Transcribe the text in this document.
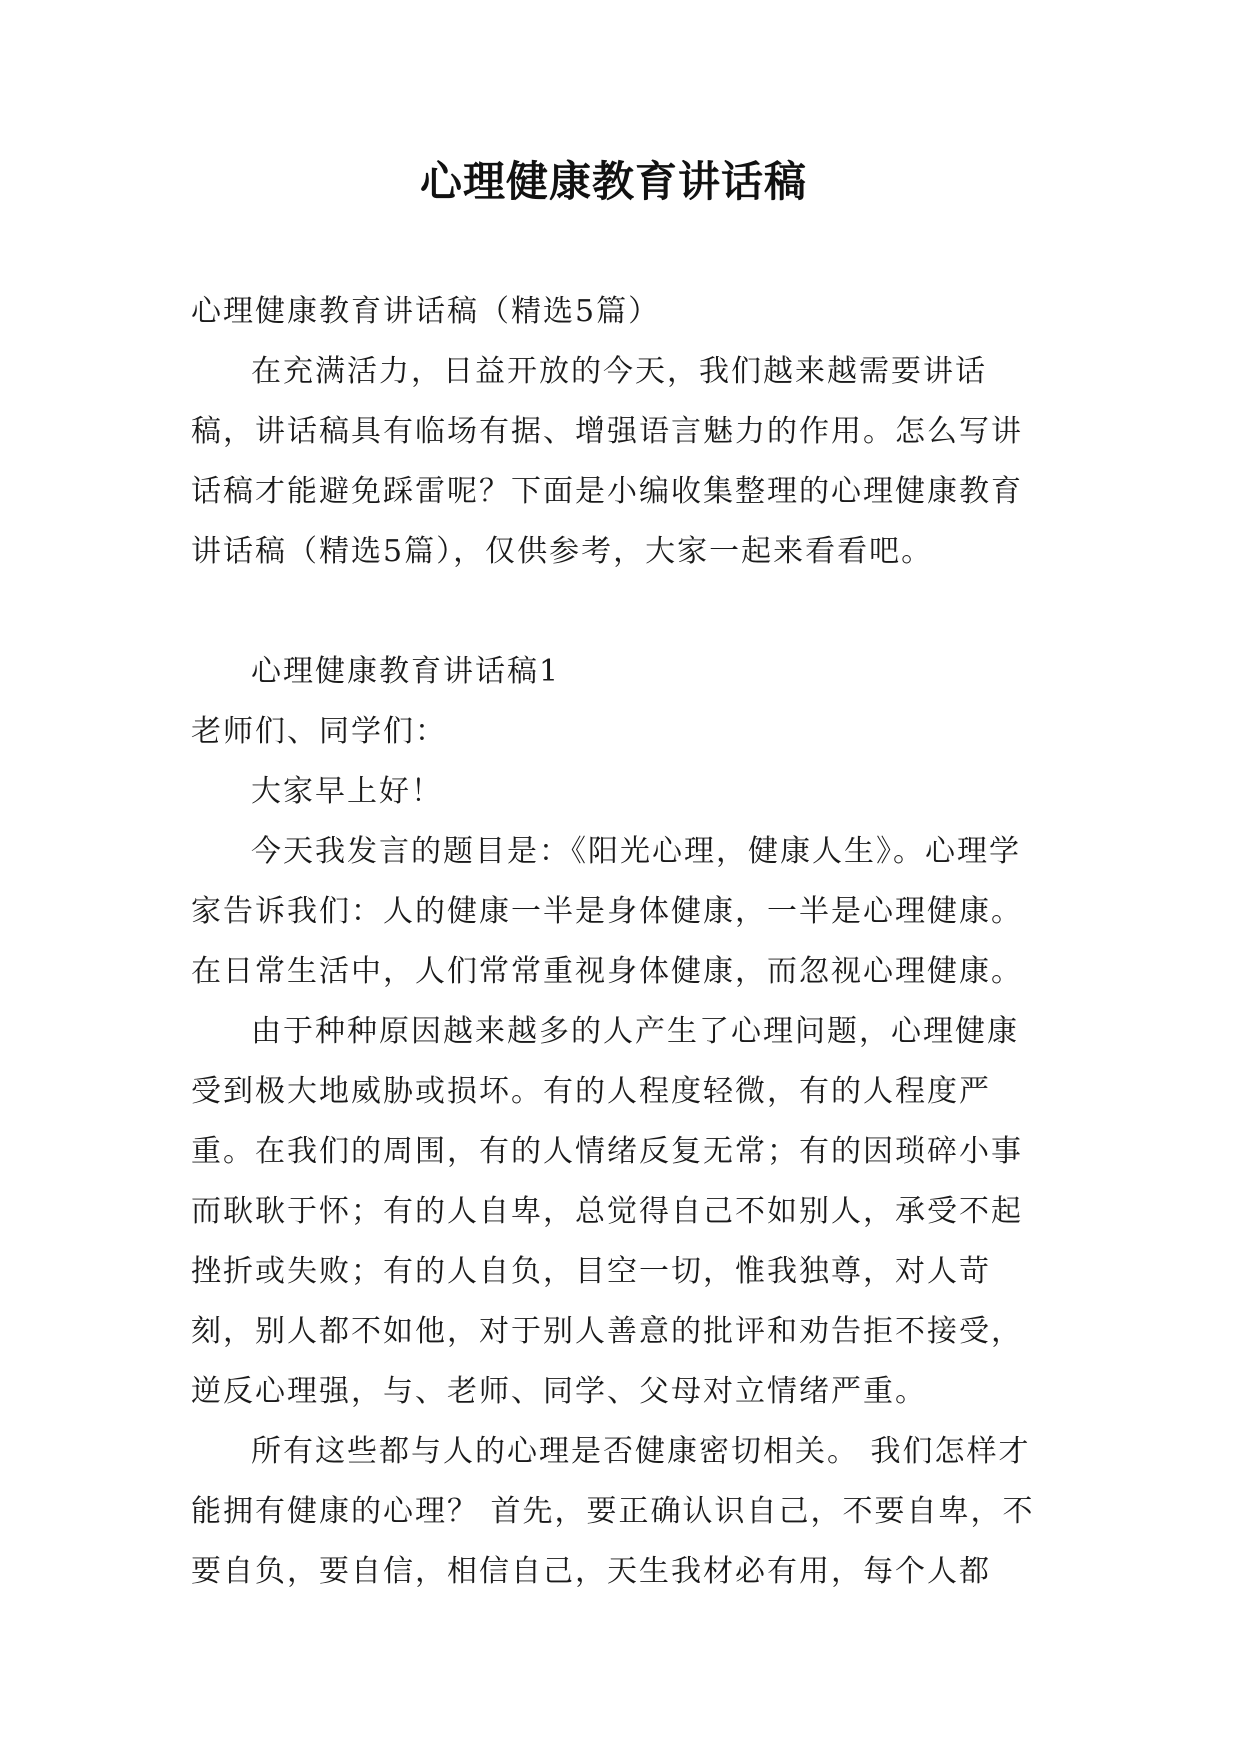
心理健康教育讲话稿

心理健康教育讲话稿（精选5篇）

在充满活力，日益开放的今天，我们越来越需要讲话稿，讲话稿具有临场有据、增强语言魅力的作用。怎么写讲话稿才能避免踩雷呢？下面是小编收集整理的心理健康教育讲话稿（精选5篇），仅供参考，大家一起来看看吧。

心理健康教育讲话稿1

老师们、同学们：

大家早上好！

今天我发言的题目是：《阳光心理，健康人生》。心理学家告诉我们：人的健康一半是身体健康，一半是心理健康。在日常生活中，人们常常重视身体健康，而忽视心理健康。

由于种种原因越来越多的人产生了心理问题，心理健康受到极大地威胁或损坏。有的人程度轻微，有的人程度严重。在我们的周围，有的人情绪反复无常；有的因琐碎小事而耿耿于怀；有的人自卑，总觉得自己不如别人，承受不起挫折或失败；有的人自负，目空一切，惟我独尊，对人苛刻，别人都不如他，对于别人善意的批评和劝告拒不接受，逆反心理强，与、老师、同学、父母对立情绪严重。

所有这些都与人的心理是否健康密切相关。 我们怎样才能拥有健康的心理？ 首先，要正确认识自己，不要自卑，不要自负，要自信，相信自己，天生我材必有用，每个人都
